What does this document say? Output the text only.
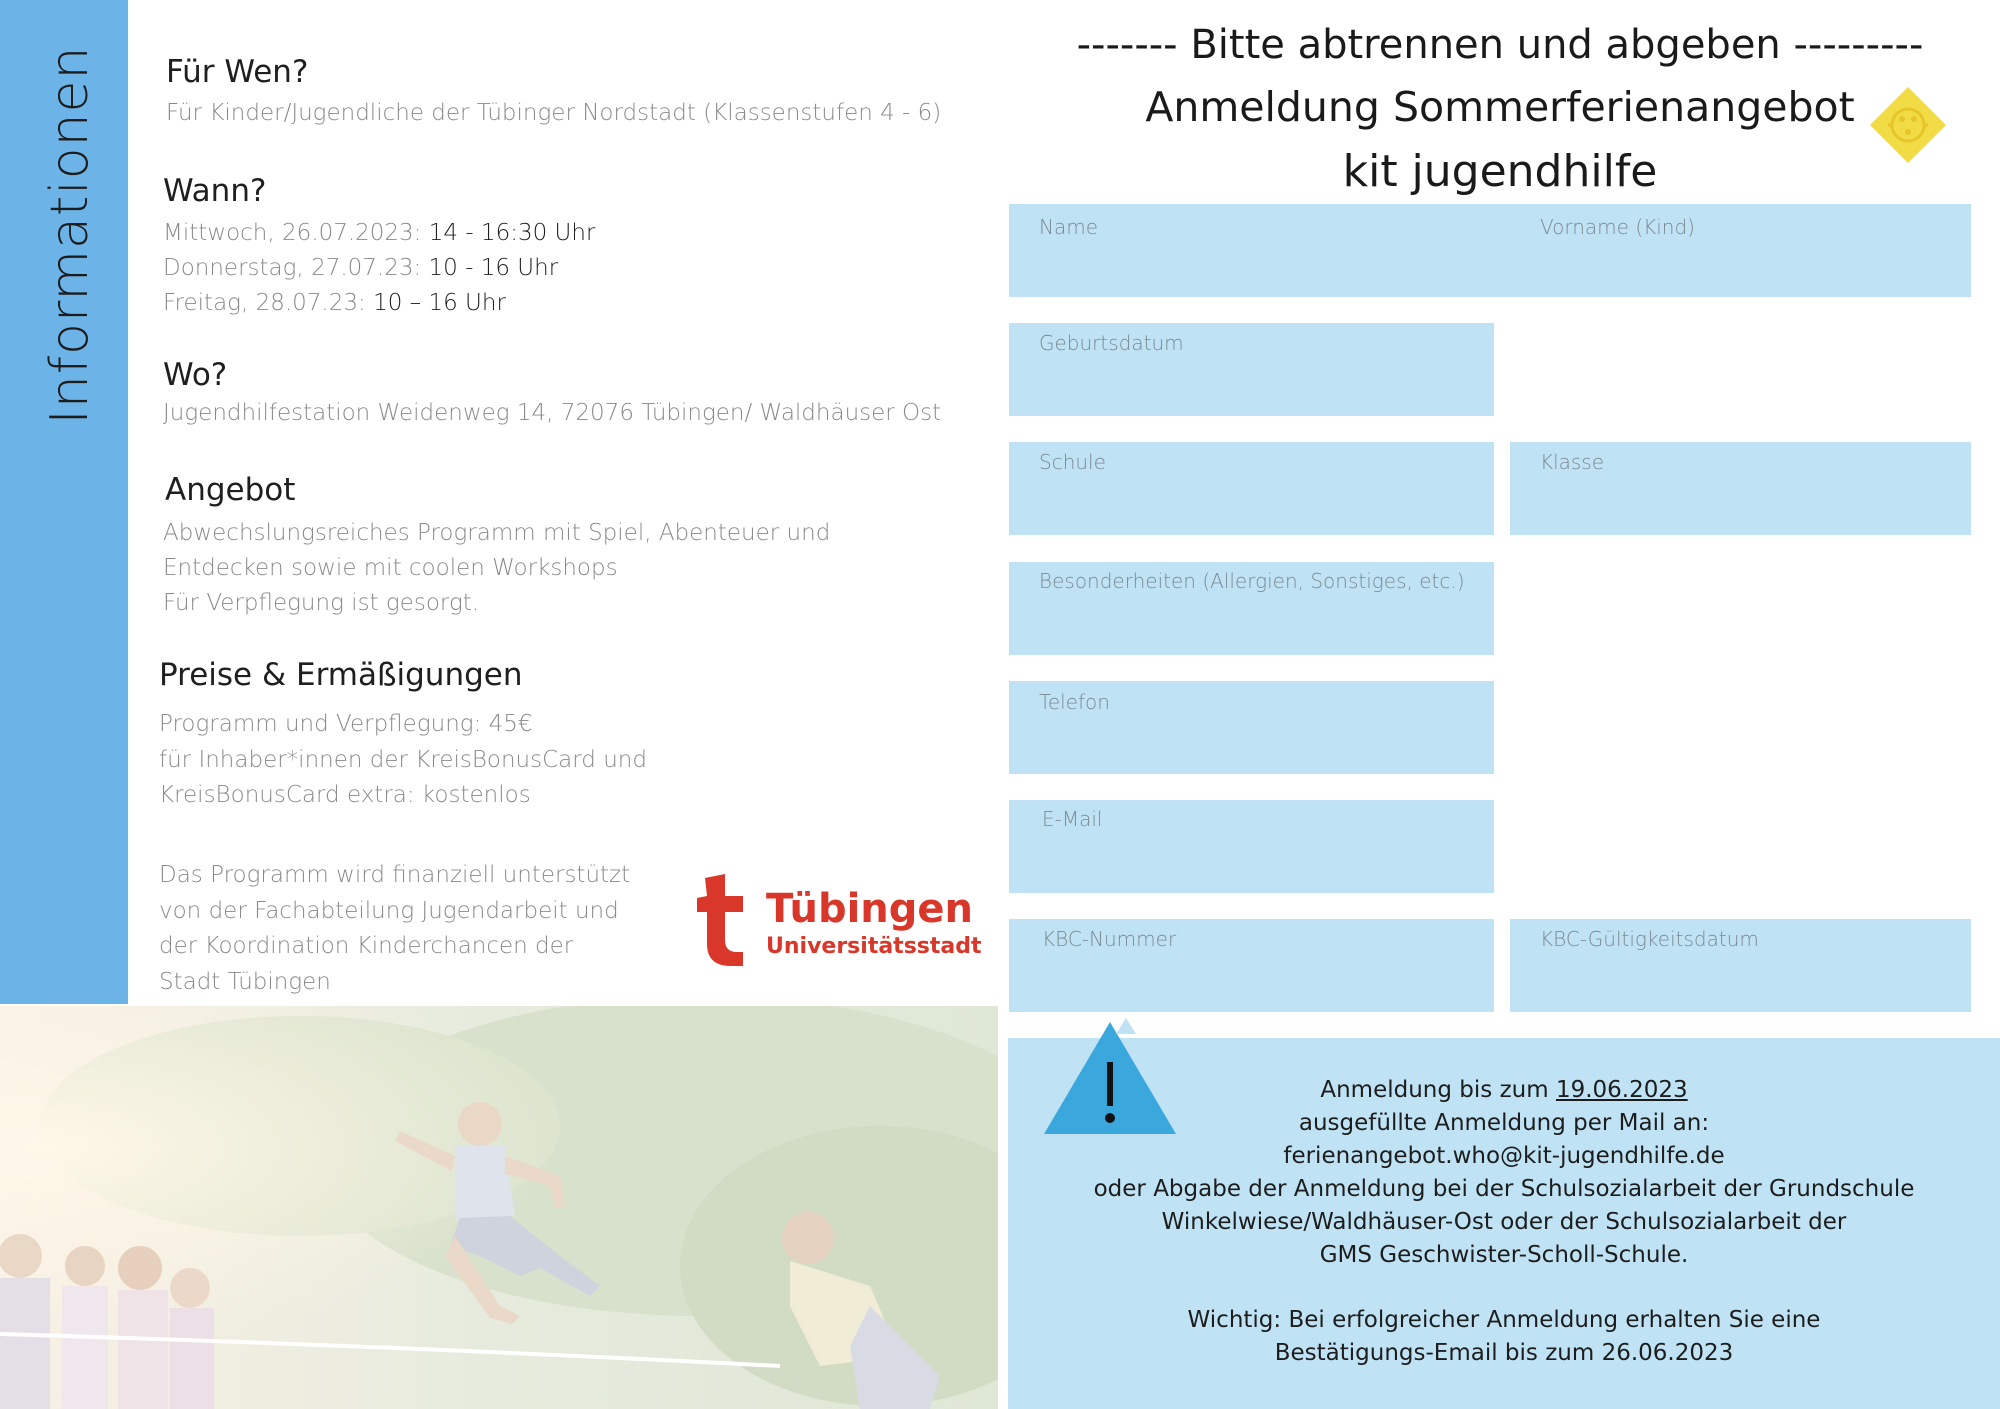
Informationen Für Wen?
Für Kinder/Jugendliche der Tübinger Nordstadt (Klassenstufen 4 - 6)
Wann?
Mittwoch, 26.07.2023: 14 - 16:30 Uhr
Donnerstag, 27.07.23: 10 - 16 Uhr
Freitag, 28.07.23: 10 – 16 Uhr
Wo?
Jugendhilfestation Weidenweg 14, 72076 Tübingen/ Waldhäuser Ost
Angebot
Abwechslungsreiches Programm mit Spiel, Abenteuer und
Entdecken sowie mit coolen Workshops
Für Verpflegung ist gesorgt.
Preise & Ermäßigungen
Programm und Verpflegung: 45€
für Inhaber*innen der KreisBonusCard und
KreisBonusCard extra: kostenlos
Das Programm wird finanziell unterstützt
von der Fachabteilung Jugendarbeit und
der Koordination Kinderchancen der
Stadt Tübingen
Tübingen
Universitätsstadt
------- Bitte abtrennen und abgeben ---------
Anmeldung Sommerferienangebot
kit jugendhilfe
Name	Vorname (Kind)
Geburtsdatum
Schule	Klasse
Besonderheiten (Allergien, Sonstiges, etc.)
Telefon
E-Mail
KBC-Nummer	KBC-Gültigkeitsdatum
Anmeldung bis zum 19.06.2023
ausgefüllte Anmeldung per Mail an:
ferienangebot.who@kit-jugendhilfe.de
oder Abgabe der Anmeldung bei der Schulsozialarbeit der Grundschule
Winkelwiese/Waldhäuser-Ost oder der Schulsozialarbeit der
GMS Geschwister-Scholl-Schule.
Wichtig: Bei erfolgreicher Anmeldung erhalten Sie eine
Bestätigungs-Email bis zum 26.06.2023
